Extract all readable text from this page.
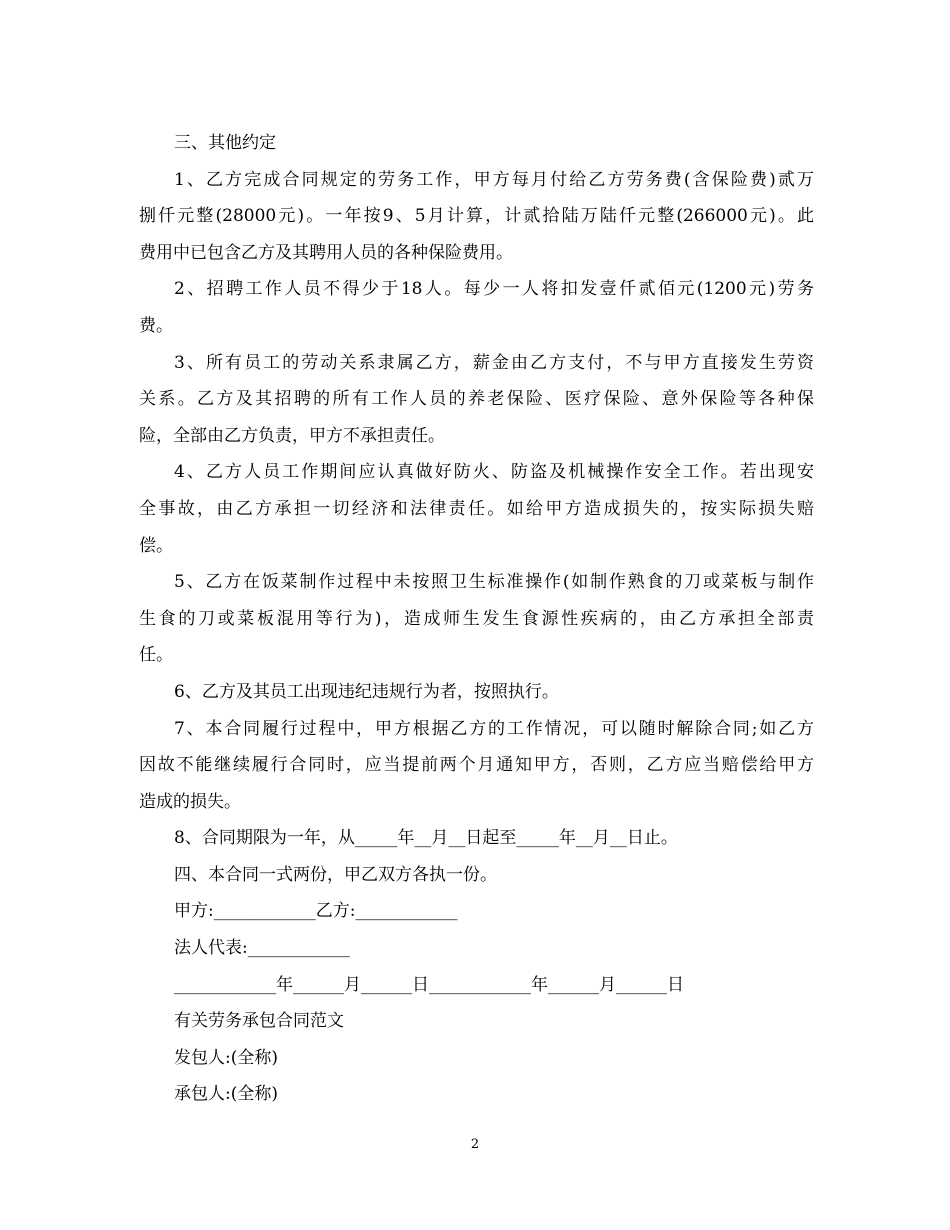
三、其他约定
1、乙方完成合同规定的劳务工作，甲方每月付给乙方劳务费(含保险费)贰万
捌仟元整(28000元)。一年按9、5月计算，计贰拾陆万陆仟元整(266000元)。此
费用中已包含乙方及其聘用人员的各种保险费用。
2、招聘工作人员不得少于18人。每少一人将扣发壹仟贰佰元(1200元)劳务
费。
3、所有员工的劳动关系隶属乙方，薪金由乙方支付，不与甲方直接发生劳资
关系。乙方及其招聘的所有工作人员的养老保险、医疗保险、意外保险等各种保
险，全部由乙方负责，甲方不承担责任。
4、乙方人员工作期间应认真做好防火、防盗及机械操作安全工作。若出现安
全事故，由乙方承担一切经济和法律责任。如给甲方造成损失的，按实际损失赔
偿。
5、乙方在饭菜制作过程中未按照卫生标准操作(如制作熟食的刀或菜板与制作
生食的刀或菜板混用等行为)，造成师生发生食源性疾病的，由乙方承担全部责
任。
6、乙方及其员工出现违纪违规行为者，按照执行。
7、本合同履行过程中，甲方根据乙方的工作情况，可以随时解除合同;如乙方
因故不能继续履行合同时，应当提前两个月通知甲方，否则，乙方应当赔偿给甲方
造成的损失。
8、合同期限为一年，从_____年__月__日起至_____年__月__日止。
四、本合同一式两份，甲乙双方各执一份。
甲方:____________乙方:____________
法人代表:____________
____________年______月______日____________年______月______日
有关劳务承包合同范文
发包人:(全称)
承包人:(全称)
2
